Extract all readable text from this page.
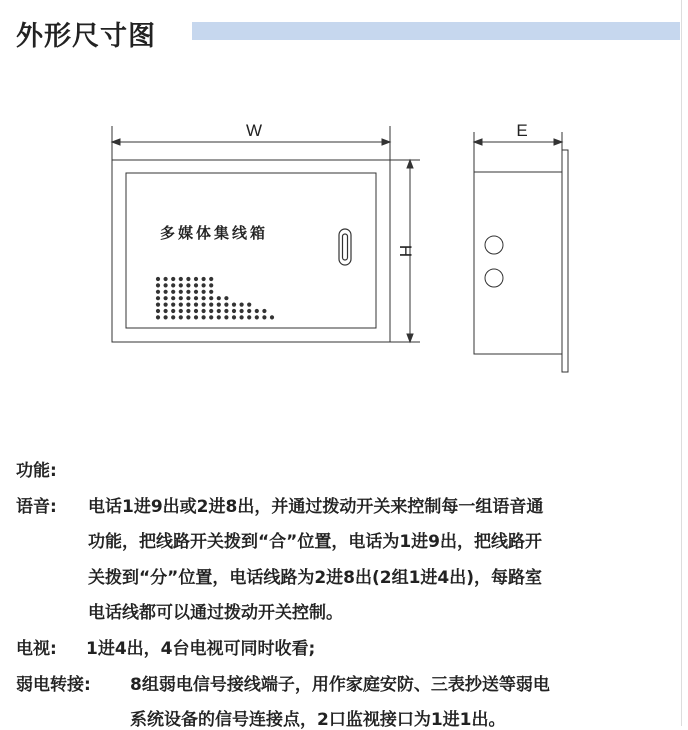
外形尺寸图
W
多媒体集线箱
H
E
功能:
语音: 电话1进9出或2进8出，并通过拨动开关来控制每一组语音通
功能，把线路开关拨到“合”位置，电话为1进9出，把线路开
关拨到“分”位置，电话线路为2进8出(2组1进4出)，每路室
电话线都可以通过拨动开关控制。
电视: 1进4出，4台电视可同时收看;
弱电转接: 8组弱电信号接线端子，用作家庭安防、三表抄送等弱电
系统设备的信号连接点，2口监视接口为1进1出。
